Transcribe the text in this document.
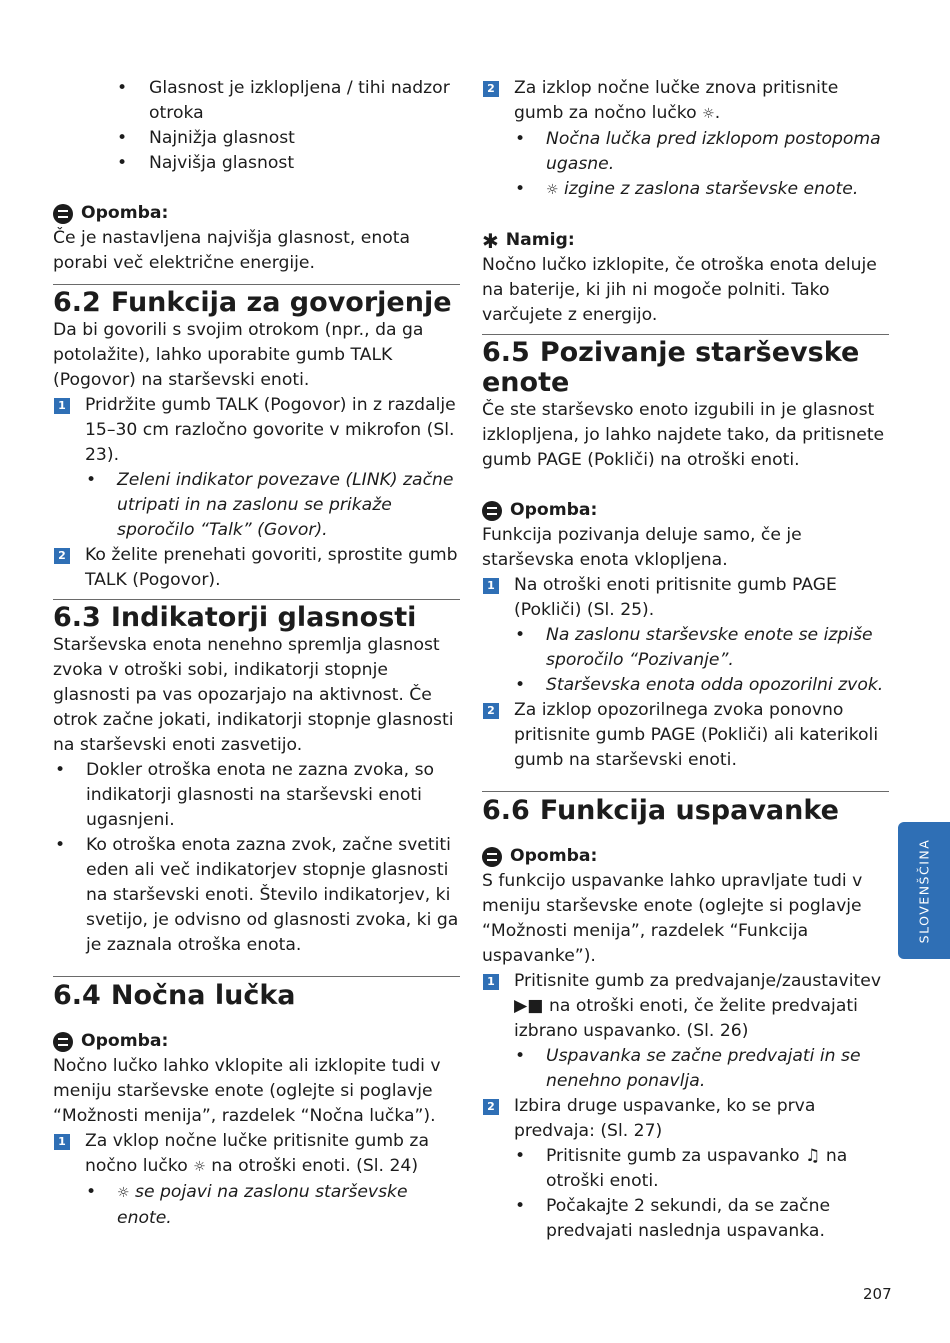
• Glasnost je izklopljena / tihi nadzor otroka
• Najnižja glasnost
• Najvišja glasnost
Opomba:

Če je nastavljena najvišja glasnost, enota porabi več električne energije.

6.2 Funkcija za govorjenje

Da bi govorili s svojim otrokom (npr., da ga potolažite), lahko uporabite gumb TALK (Pogovor) na starševski enoti.

1 Pridržite gumb TALK (Pogovor) in z razdalje 15–30 cm razločno govorite v mikrofon (Sl. 23).
• Zeleni indikator povezave (LINK) začne utripati in na zaslonu se prikaže sporočilo “Talk” (Govor).
2 Ko želite prenehati govoriti, sprostite gumb TALK (Pogovor).
6.3 Indikatorji glasnosti

Starševska enota nenehno spremlja glasnost zvoka v otroški sobi, indikatorji stopnje glasnosti pa vas opozarjajo na aktivnost. Če otrok začne jokati, indikatorji stopnje glasnosti na starševski enoti zasvetijo.

• Dokler otroška enota ne zazna zvoka, so indikatorji glasnosti na starševski enoti ugasnjeni.
• Ko otroška enota zazna zvok, začne svetiti eden ali več indikatorjev stopnje glasnosti na starševski enoti. Število indikatorjev, ki svetijo, je odvisno od glasnosti zvoka, ki ga je zaznala otroška enota.
6.4 Nočna lučka
Opomba:

Nočno lučko lahko vklopite ali izklopite tudi v meniju starševske enote (oglejte si poglavje “Možnosti menija”, razdelek “Nočna lučka”).

1 Za vklop nočne lučke pritisnite gumb za nočno lučko ☼ na otroški enoti. (Sl. 24)
• ☼ se pojavi na zaslonu starševske enote.
2 Za izklop nočne lučke znova pritisnite gumb za nočno lučko ☼.
• Nočna lučka pred izklopom postopoma ugasne.
• ☼ izgine z zaslona starševske enote.
✱ Namig:

Nočno lučko izklopite, če otroška enota deluje na baterije, ki jih ni mogoče polniti. Tako varčujete z energijo.

6.5 Pozivanje starševske enote

Če ste starševsko enoto izgubili in je glasnost izklopljena, jo lahko najdete tako, da pritisnete gumb PAGE (Pokliči) na otroški enoti.

Opomba:

Funkcija pozivanja deluje samo, če je starševska enota vklopljena.

1 Na otroški enoti pritisnite gumb PAGE (Pokliči) (Sl. 25).
• Na zaslonu starševske enote se izpiše sporočilo “Pozivanje”.
• Starševska enota odda opozorilni zvok.
2 Za izklop opozorilnega zvoka ponovno pritisnite gumb PAGE (Pokliči) ali katerikoli gumb na starševski enoti.
6.6 Funkcija uspavanke
Opomba:

S funkcijo uspavanke lahko upravljate tudi v meniju starševske enote (oglejte si poglavje “Možnosti menija”, razdelek “Funkcija uspavanke”).

1 Pritisnite gumb za predvajanje/zaustavitev ▶■ na otroški enoti, če želite predvajati izbrano uspavanko. (Sl. 26)
• Uspavanka se začne predvajati in se nenehno ponavlja.
2 Izbira druge uspavanke, ko se prva predvaja: (Sl. 27)
• Pritisnite gumb za uspavanko ♫ na otroški enoti.
• Počakajte 2 sekundi, da se začne predvajati naslednja uspavanka.
SLOVENŠČINA
207
